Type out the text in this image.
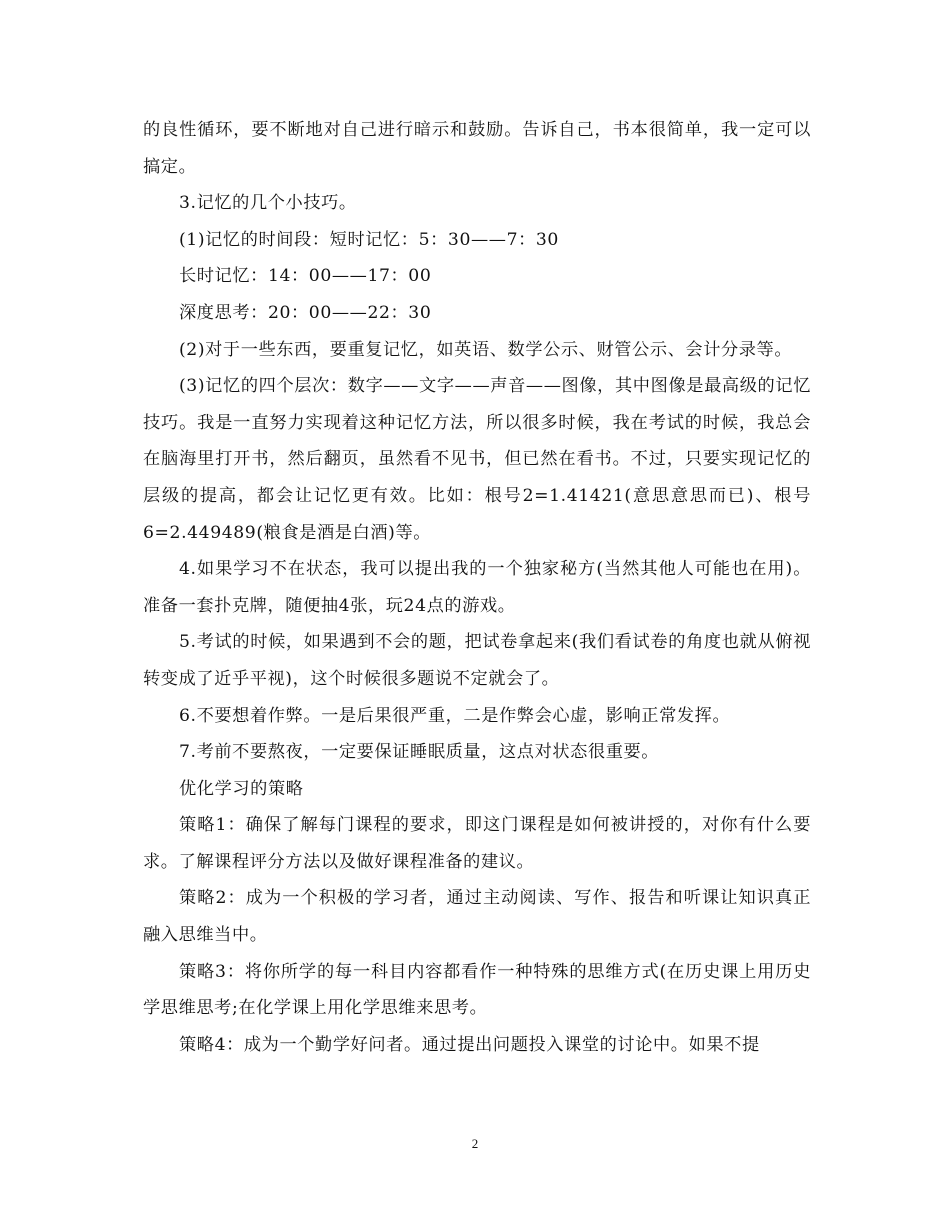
的良性循环，要不断地对自己进行暗示和鼓励。告诉自己，书本很简单，我一定可以搞定。

3.记忆的几个小技巧。

(1)记忆的时间段：短时记忆：5：30——7：30

长时记忆：14：00——17：00

深度思考：20：00——22：30

(2)对于一些东西，要重复记忆，如英语、数学公示、财管公示、会计分录等。

(3)记忆的四个层次：数字——文字——声音——图像，其中图像是最高级的记忆技巧。我是一直努力实现着这种记忆方法，所以很多时候，我在考试的时候，我总会在脑海里打开书，然后翻页，虽然看不见书，但已然在看书。不过，只要实现记忆的层级的提高，都会让记忆更有效。比如：根号2=1.41421(意思意思而已)、根号6=2.449489(粮食是酒是白酒)等。

4.如果学习不在状态，我可以提出我的一个独家秘方(当然其他人可能也在用)。准备一套扑克牌，随便抽4张，玩24点的游戏。

5.考试的时候，如果遇到不会的题，把试卷拿起来(我们看试卷的角度也就从俯视转变成了近乎平视)，这个时候很多题说不定就会了。

6.不要想着作弊。一是后果很严重，二是作弊会心虚，影响正常发挥。

7.考前不要熬夜，一定要保证睡眠质量，这点对状态很重要。

优化学习的策略

策略1：确保了解每门课程的要求，即这门课程是如何被讲授的，对你有什么要求。了解课程评分方法以及做好课程准备的建议。

策略2：成为一个积极的学习者，通过主动阅读、写作、报告和听课让知识真正融入思维当中。

策略3：将你所学的每一科目内容都看作一种特殊的思维方式(在历史课上用历史学思维思考;在化学课上用化学思维来思考。

策略4：成为一个勤学好问者。通过提出问题投入课堂的讨论中。如果不提

2
